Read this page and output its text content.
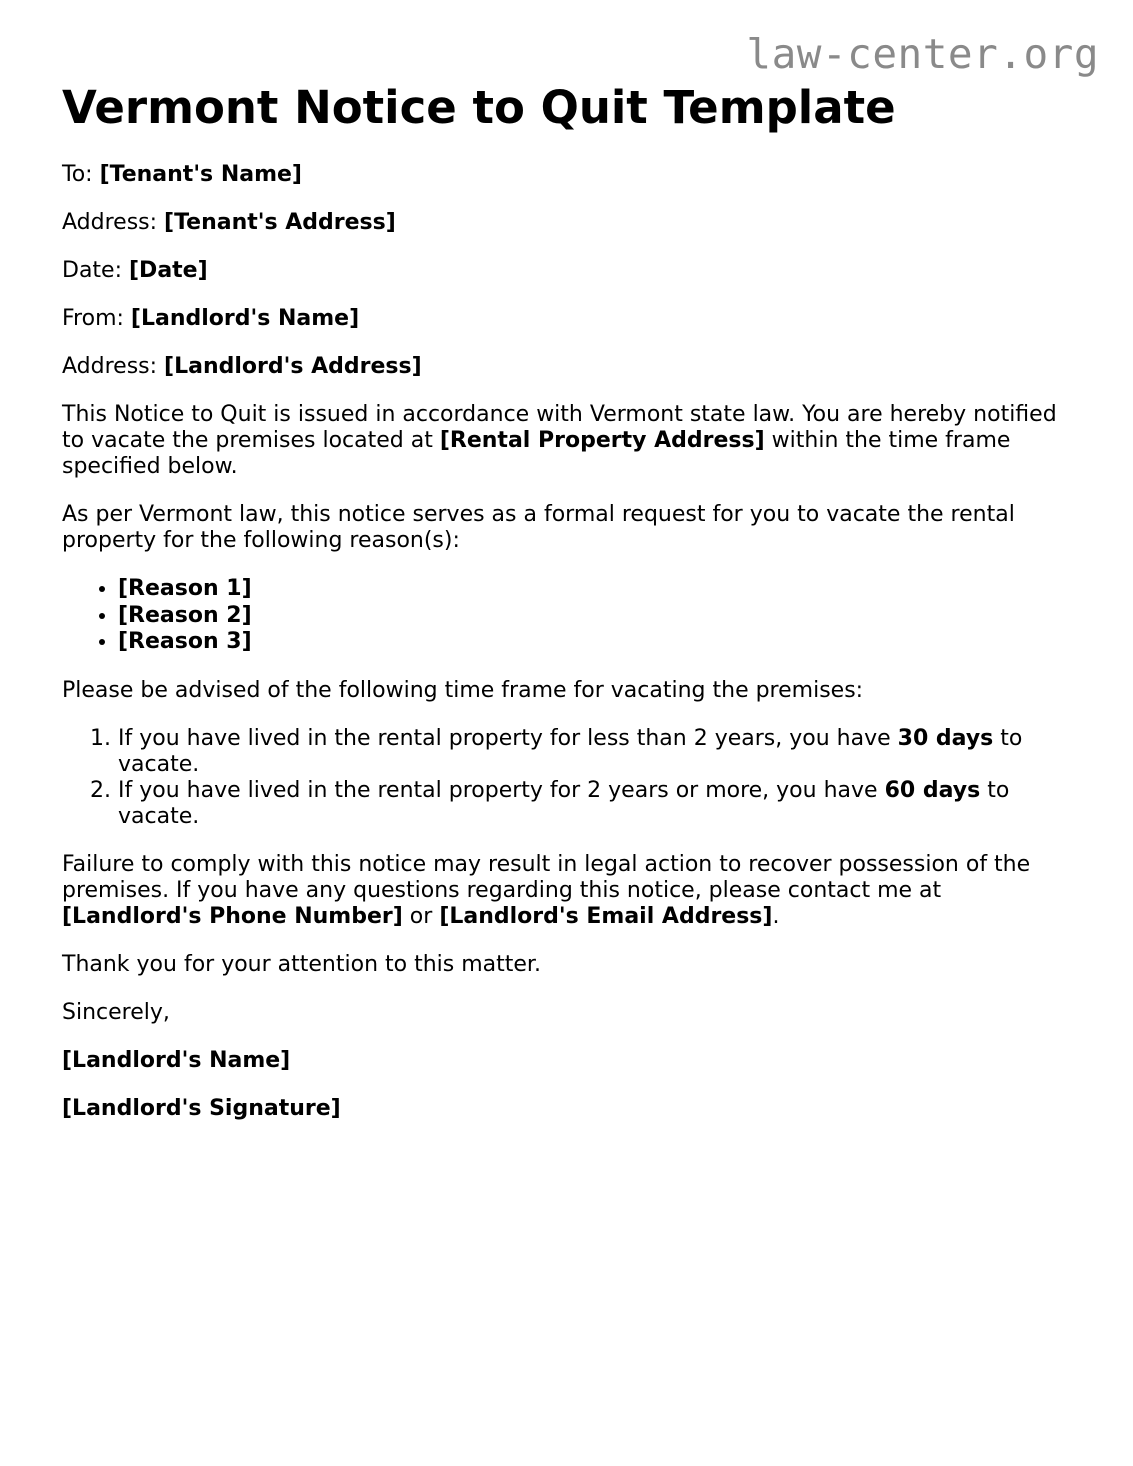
law-center.org
Vermont Notice to Quit Template

To: [Tenant's Name]

Address: [Tenant's Address]

Date: [Date]

From: [Landlord's Name]

Address: [Landlord's Address]

This Notice to Quit is issued in accordance with Vermont state law. You are hereby notified to vacate the premises located at [Rental Property Address] within the time frame specified below.

As per Vermont law, this notice serves as a formal request for you to vacate the rental property for the following reason(s):

• [Reason 1]
• [Reason 2]
• [Reason 3]

Please be advised of the following time frame for vacating the premises:

1. If you have lived in the rental property for less than 2 years, you have 30 days to vacate.
2. If you have lived in the rental property for 2 years or more, you have 60 days to vacate.

Failure to comply with this notice may result in legal action to recover possession of the premises. If you have any questions regarding this notice, please contact me at [Landlord's Phone Number] or [Landlord's Email Address].

Thank you for your attention to this matter.

Sincerely,

[Landlord's Name]

[Landlord's Signature]
